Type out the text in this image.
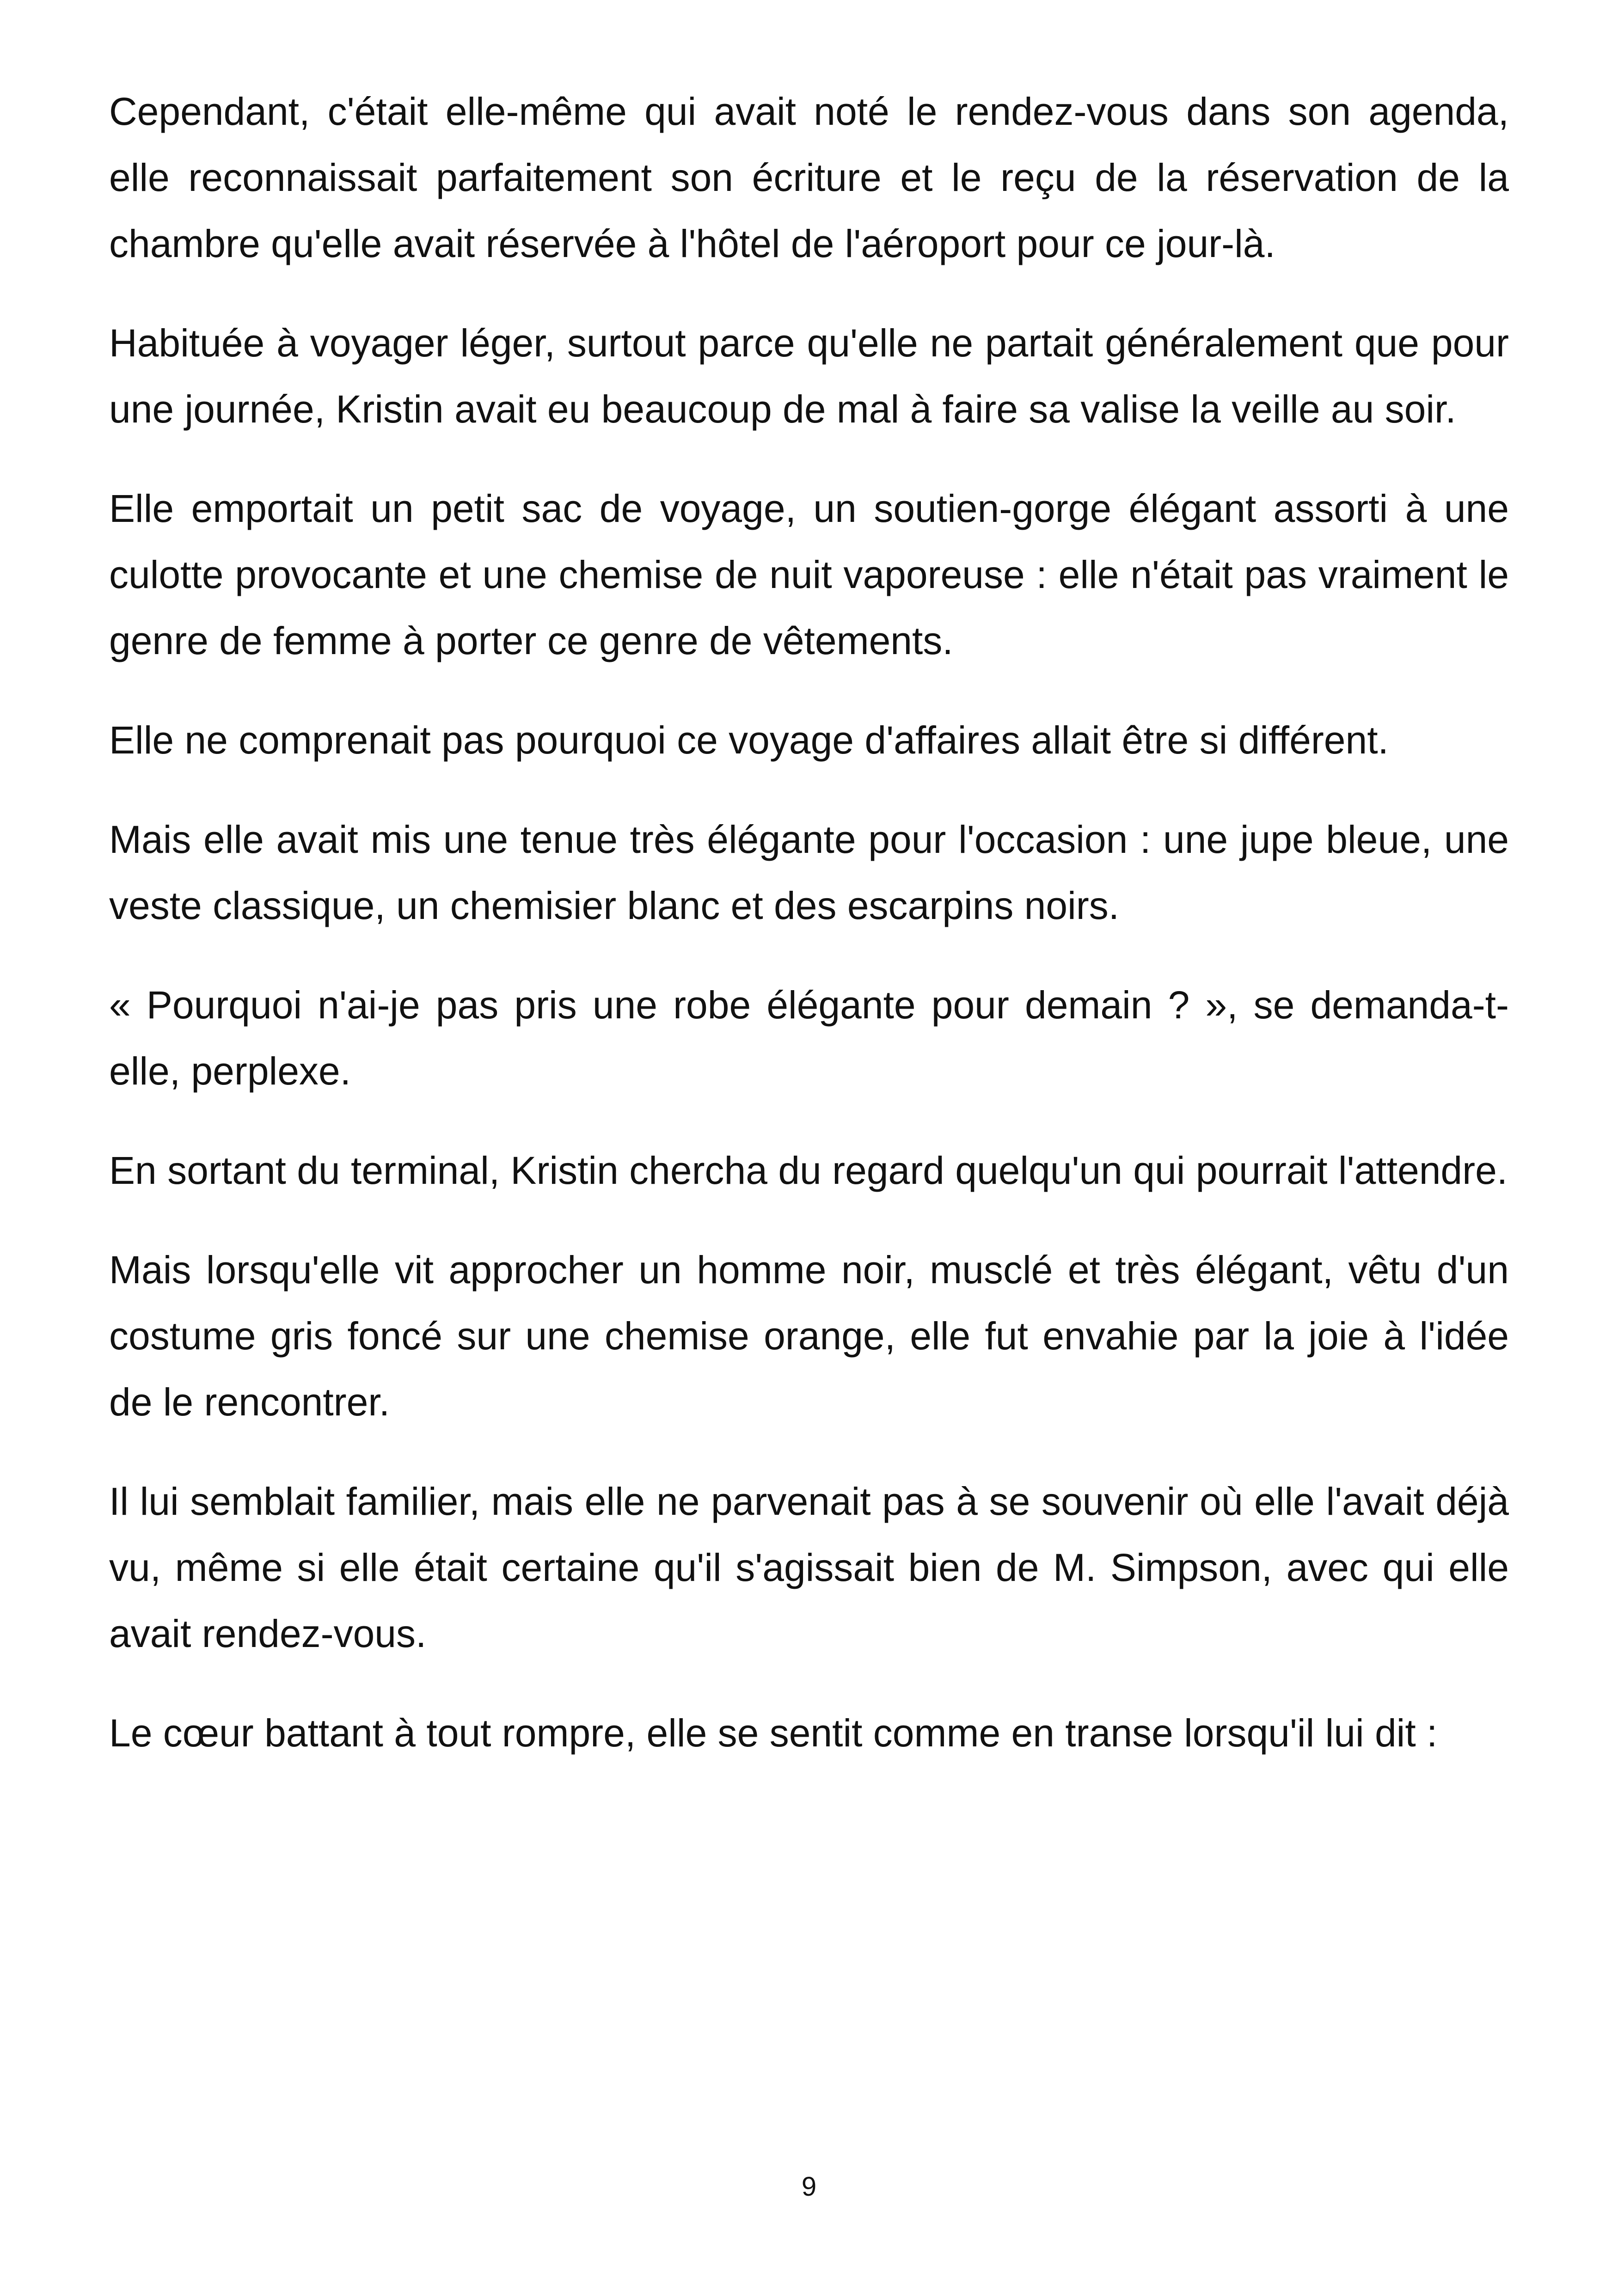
Cependant, c'était elle-même qui avait noté le rendez-vous dans son agenda, elle reconnaissait parfaitement son écriture et le reçu de la réservation de la chambre qu'elle avait réservée à l'hôtel de l'aéroport pour ce jour-là.

Habituée à voyager léger, surtout parce qu'elle ne partait généralement que pour une journée, Kristin avait eu beaucoup de mal à faire sa valise la veille au soir.

Elle emportait un petit sac de voyage, un soutien-gorge élégant assorti à une culotte provocante et une chemise de nuit vaporeuse : elle n'était pas vraiment le genre de femme à porter ce genre de vêtements.

Elle ne comprenait pas pourquoi ce voyage d'affaires allait être si différent.

Mais elle avait mis une tenue très élégante pour l'occasion : une jupe bleue, une veste classique, un chemisier blanc et des escarpins noirs.

« Pourquoi n'ai-je pas pris une robe élégante pour demain ? », se demanda-t-elle, perplexe.

En sortant du terminal, Kristin chercha du regard quelqu'un qui pourrait l'attendre.

Mais lorsqu'elle vit approcher un homme noir, musclé et très élégant, vêtu d'un costume gris foncé sur une chemise orange, elle fut envahie par la joie à l'idée de le rencontrer.

Il lui semblait familier, mais elle ne parvenait pas à se souvenir où elle l'avait déjà vu, même si elle était certaine qu'il s'agissait bien de M. Simpson, avec qui elle avait rendez-vous.

Le cœur battant à tout rompre, elle se sentit comme en transe lorsqu'il lui dit :

9
